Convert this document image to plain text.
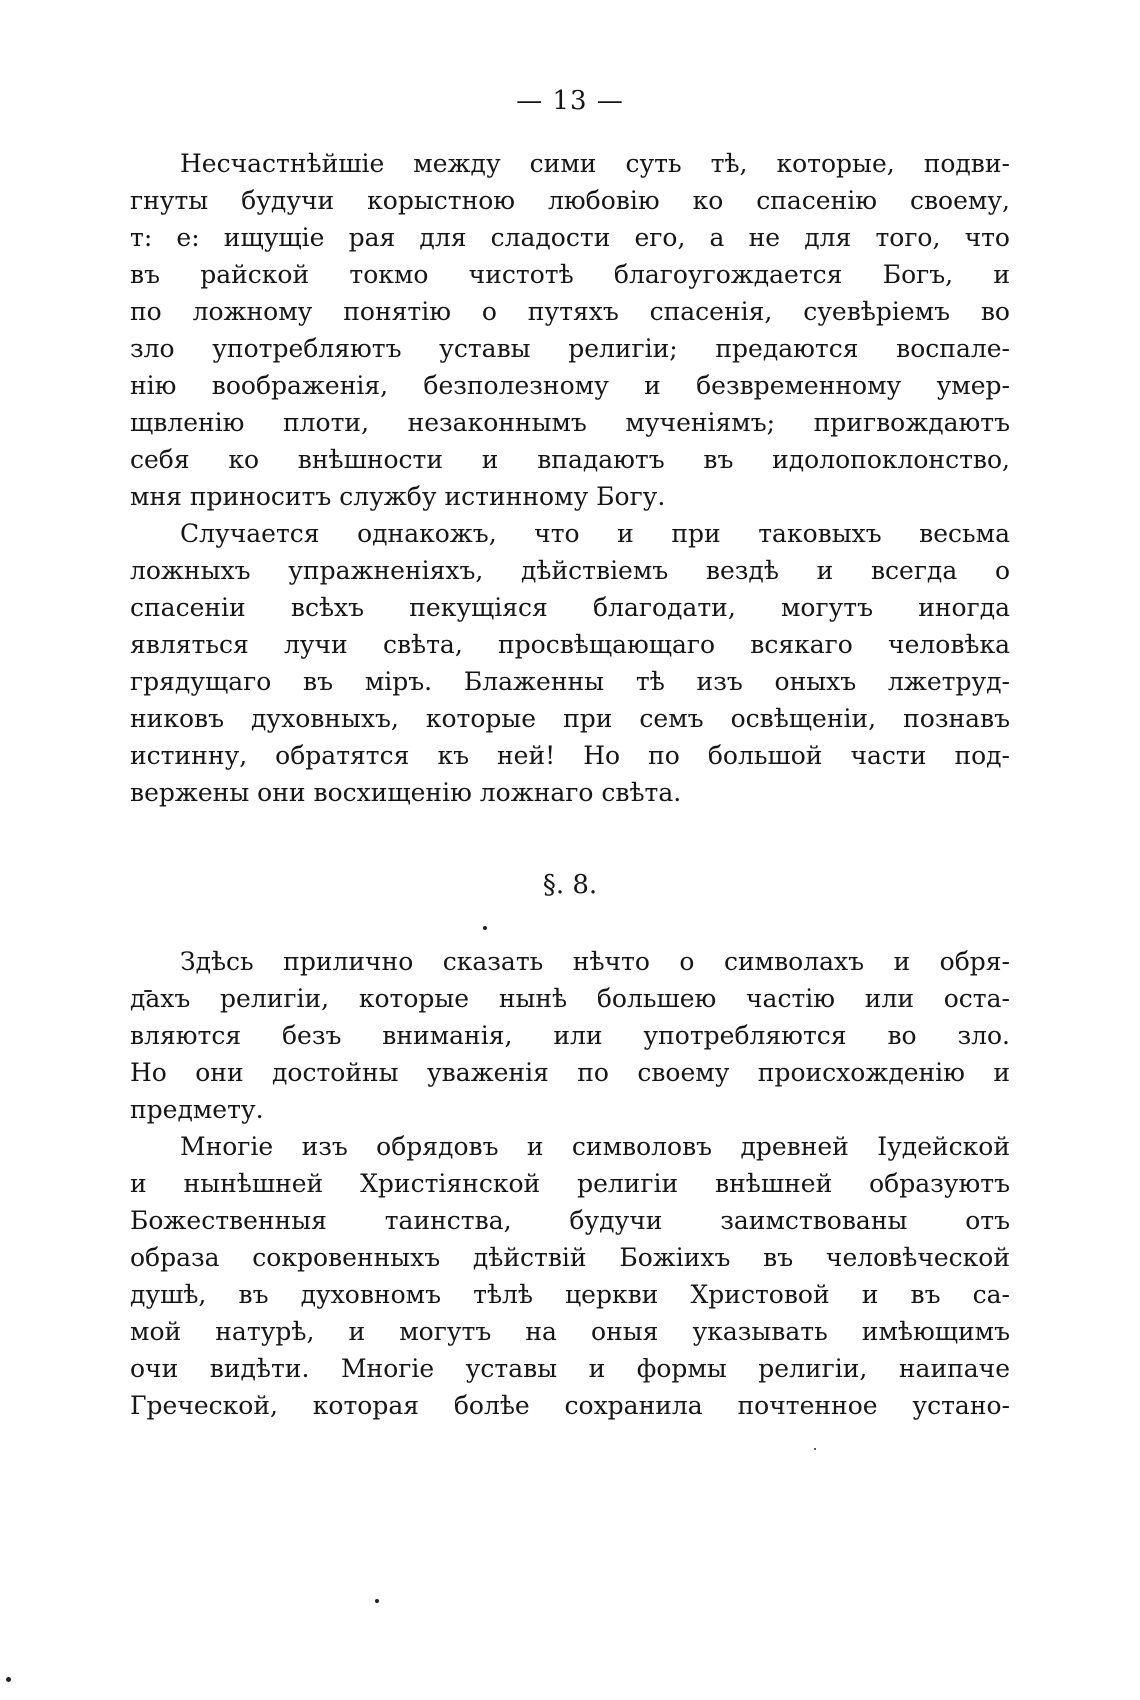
— 13 —
Несчастнѣйшіе между сими суть тѣ, которые, подви-
гнуты будучи корыстною любовію ко спасенію своему,
т: е: ищущіе рая для сладости его, а не для того, что
въ райской токмо чистотѣ благоугождается Богъ, и
по ложному понятію о путяхъ спасенія, суевѣріемъ во
зло употребляютъ уставы религіи; предаются воспале-
нію воображенія, безполезному и безвременному умер-
щвленію плоти, незаконнымъ мученіямъ; пригвождаютъ
себя ко внѣшности и впадаютъ въ идолопоклонство,
мня приноситъ службу истинному Богу.
Случается однакожъ, что и при таковыхъ весьма
ложныхъ упражненіяхъ, дѣйствіемъ вездѣ и всегда о
спасеніи всѣхъ пекущіяся благодати, могутъ иногда
являться лучи свѣта, просвѣщающаго всякаго человѣка
грядущаго въ міръ. Блаженны тѣ изъ оныхъ лжетруд-
никовъ духовныхъ, которые при семъ освѣщеніи, познавъ
истинну, обратятся къ ней! Но по большой части под-
вержены они восхищенію ложнаго свѣта.
§. 8.
Здѣсь прилично сказать нѣчто о символахъ и обря-
дахъ религіи, которые нынѣ большею частію или оста-
вляются безъ вниманія, или употребляются во зло.
Но они достойны уваженія по своему происхожденію и
предмету.
Многіе изъ обрядовъ и символовъ древней Іудейской
и нынѣшней Христіянской религіи внѣшней образуютъ
Божественныя таинства, будучи заимствованы отъ
образа сокровенныхъ дѣйствій Божіихъ въ человѣческой
душѣ, въ духовномъ тѣлѣ церкви Христовой и въ са-
мой натурѣ, и могутъ на оныя указывать имѣющимъ
очи видѣти. Многіе уставы и формы религіи, наипаче
Греческой, которая болѣе сохранила почтенное устано-
